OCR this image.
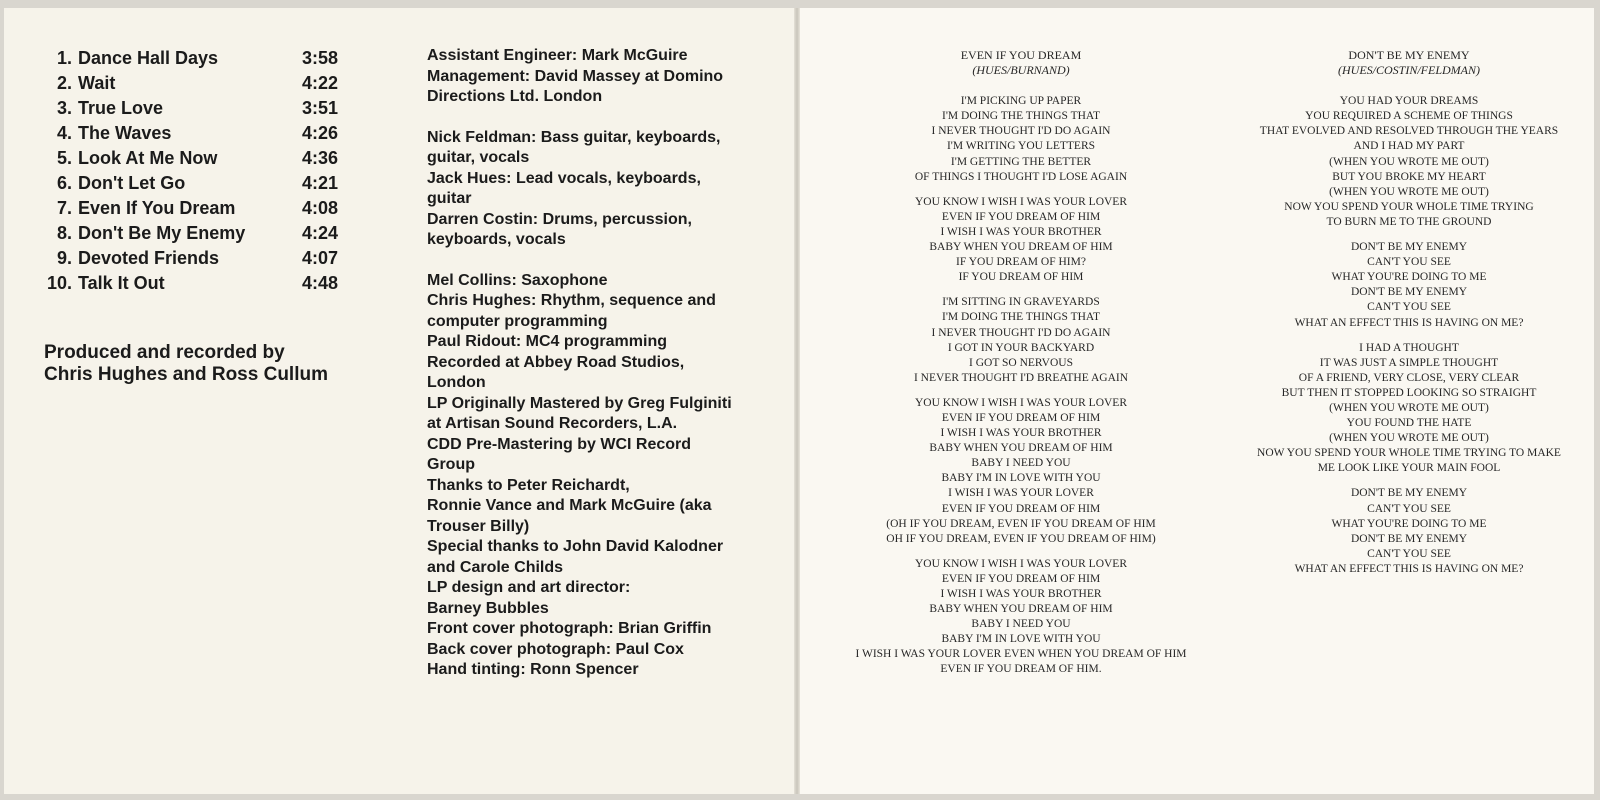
1. Dance Hall Days	3:58
2. Wait	4:22
3. True Love	3:51
4. The Waves	4:26
5. Look At Me Now	4:36
6. Don't Let Go	4:21
7. Even If You Dream	4:08
8. Don't Be My Enemy	4:24
9. Devoted Friends	4:07
10. Talk It Out	4:48
Produced and recorded by
Chris Hughes and Ross Cullum
Assistant Engineer: Mark McGuire
Management: David Massey at Domino
Directions Ltd. London
Nick Feldman: Bass guitar, keyboards,
guitar, vocals
Jack Hues: Lead vocals, keyboards,
guitar
Darren Costin: Drums, percussion,
keyboards, vocals
Mel Collins: Saxophone
Chris Hughes: Rhythm, sequence and
computer programming
Paul Ridout: MC4 programming
Recorded at Abbey Road Studios,
London
LP Originally Mastered by Greg Fulginiti
at Artisan Sound Recorders, L.A.
CDD Pre-Mastering by WCI Record
Group
Thanks to Peter Reichardt,
Ronnie Vance and Mark McGuire (aka
Trouser Billy)
Special thanks to John David Kalodner
and Carole Childs
LP design and art director:
Barney Bubbles
Front cover photograph: Brian Griffin
Back cover photograph: Paul Cox
Hand tinting: Ronn Spencer
EVEN IF YOU DREAM
(HUES/BURNAND)
I'M PICKING UP PAPER
I'M DOING THE THINGS THAT
I NEVER THOUGHT I'D DO AGAIN
I'M WRITING YOU LETTERS
I'M GETTING THE BETTER
OF THINGS I THOUGHT I'D LOSE AGAIN
YOU KNOW I WISH I WAS YOUR LOVER
EVEN IF YOU DREAM OF HIM
I WISH I WAS YOUR BROTHER
BABY WHEN YOU DREAM OF HIM
IF YOU DREAM OF HIM?
IF YOU DREAM OF HIM
I'M SITTING IN GRAVEYARDS
I'M DOING THE THINGS THAT
I NEVER THOUGHT I'D DO AGAIN
I GOT IN YOUR BACKYARD
I GOT SO NERVOUS
I NEVER THOUGHT I'D BREATHE AGAIN
YOU KNOW I WISH I WAS YOUR LOVER
EVEN IF YOU DREAM OF HIM
I WISH I WAS YOUR BROTHER
BABY WHEN YOU DREAM OF HIM
BABY I NEED YOU
BABY I'M IN LOVE WITH YOU
I WISH I WAS YOUR LOVER
EVEN IF YOU DREAM OF HIM
(OH IF YOU DREAM, EVEN IF YOU DREAM OF HIM
OH IF YOU DREAM, EVEN IF YOU DREAM OF HIM)
YOU KNOW I WISH I WAS YOUR LOVER
EVEN IF YOU DREAM OF HIM
I WISH I WAS YOUR BROTHER
BABY WHEN YOU DREAM OF HIM
BABY I NEED YOU
BABY I'M IN LOVE WITH YOU
I WISH I WAS YOUR LOVER EVEN WHEN YOU DREAM OF HIM
EVEN IF YOU DREAM OF HIM.
DON'T BE MY ENEMY
(HUES/COSTIN/FELDMAN)
YOU HAD YOUR DREAMS
YOU REQUIRED A SCHEME OF THINGS
THAT EVOLVED AND RESOLVED THROUGH THE YEARS
AND I HAD MY PART
(WHEN YOU WROTE ME OUT)
BUT YOU BROKE MY HEART
(WHEN YOU WROTE ME OUT)
NOW YOU SPEND YOUR WHOLE TIME TRYING
TO BURN ME TO THE GROUND
DON'T BE MY ENEMY
CAN'T YOU SEE
WHAT YOU'RE DOING TO ME
DON'T BE MY ENEMY
CAN'T YOU SEE
WHAT AN EFFECT THIS IS HAVING ON ME?
I HAD A THOUGHT
IT WAS JUST A SIMPLE THOUGHT
OF A FRIEND, VERY CLOSE, VERY CLEAR
BUT THEN IT STOPPED LOOKING SO STRAIGHT
(WHEN YOU WROTE ME OUT)
YOU FOUND THE HATE
(WHEN YOU WROTE ME OUT)
NOW YOU SPEND YOUR WHOLE TIME TRYING TO MAKE
ME LOOK LIKE YOUR MAIN FOOL
DON'T BE MY ENEMY
CAN'T YOU SEE
WHAT YOU'RE DOING TO ME
DON'T BE MY ENEMY
CAN'T YOU SEE
WHAT AN EFFECT THIS IS HAVING ON ME?
